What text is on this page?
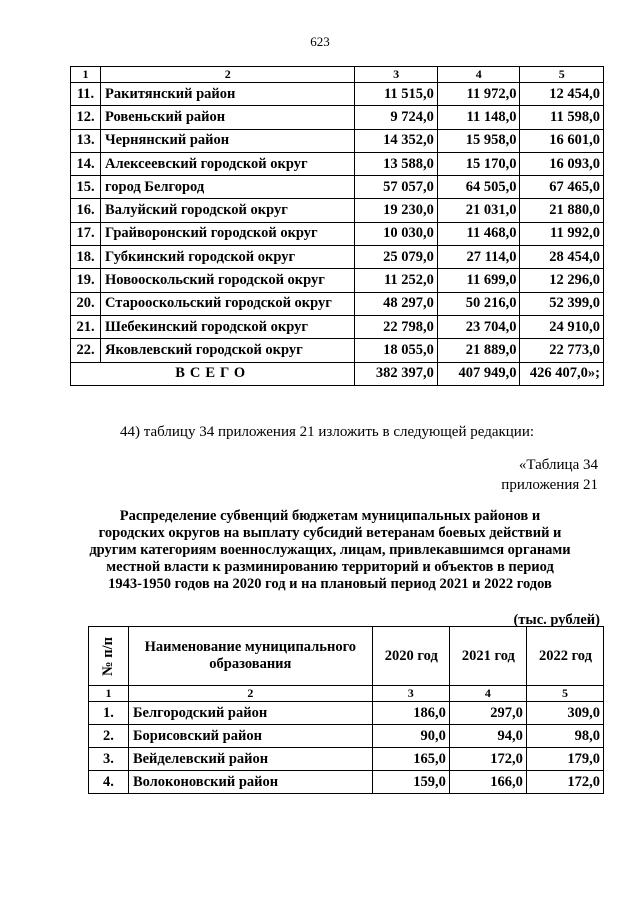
623
1	2	3	4	5
11.	Ракитянский район	11 515,0	11 972,0	12 454,0
12.	Ровеньский район	9 724,0	11 148,0	11 598,0
13.	Чернянский район	14 352,0	15 958,0	16 601,0
14.	Алексеевский городской округ	13 588,0	15 170,0	16 093,0
15.	город Белгород	57 057,0	64 505,0	67 465,0
16.	Валуйский городской округ	19 230,0	21 031,0	21 880,0
17.	Грайворонский городской округ	10 030,0	11 468,0	11 992,0
18.	Губкинский городской округ	25 079,0	27 114,0	28 454,0
19.	Новооскольский городской округ	11 252,0	11 699,0	12 296,0
20.	Старооскольский городской округ	48 297,0	50 216,0	52 399,0
21.	Шебекинский городской округ	22 798,0	23 704,0	24 910,0
22.	Яковлевский городской округ	18 055,0	21 889,0	22 773,0
ВСЕГО		382 397,0	407 949,0	426 407,0»;
44) таблицу 34 приложения 21 изложить в следующей редакции:
«Таблица 34
приложения 21
Распределение субвенций бюджетам муниципальных районов и
городских округов на выплату субсидий ветеранам боевых действий и
другим категориям военнослужащих, лицам, привлекавшимся органами
местной власти к разминированию территорий и объектов в период
1943-1950 годов на 2020 год и на плановый период 2021 и 2022 годов
(тыс. рублей)
№ п/п	Наименование муниципального образования	2020 год	2021 год	2022 год
1	2	3	4	5
1.	Белгородский район	186,0	297,0	309,0
2.	Борисовский район	90,0	94,0	98,0
3.	Вейделевский район	165,0	172,0	179,0
4.	Волоконовский район	159,0	166,0	172,0
